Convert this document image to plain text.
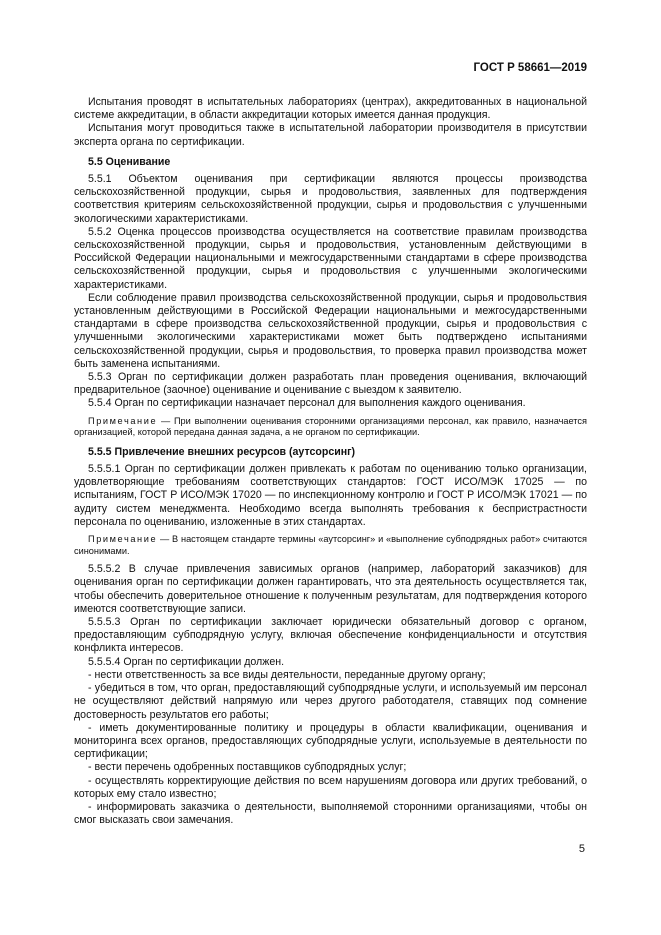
ГОСТ Р 58661—2019

Испытания проводят в испытательных лабораториях (центрах), аккредитованных в национальной системе аккредитации, в области аккредитации которых имеется данная продукция.

Испытания могут проводиться также в испытательной лаборатории производителя в присутствии эксперта органа по сертификации.

5.5 Оценивание

5.5.1 Объектом оценивания при сертификации являются процессы производства сельскохозяйственной продукции, сырья и продовольствия, заявленных для подтверждения соответствия критериям сельскохозяйственной продукции, сырья и продовольствия с улучшенными экологическими характеристиками.

5.5.2 Оценка процессов производства осуществляется на соответствие правилам производства сельскохозяйственной продукции, сырья и продовольствия, установленным действующими в Российской Федерации национальными и межгосударственными стандартами в сфере производства сельскохозяйственной продукции, сырья и продовольствия с улучшенными экологическими характеристиками.

Если соблюдение правил производства сельскохозяйственной продукции, сырья и продовольствия установленным действующими в Российской Федерации национальными и межгосударственными стандартами в сфере производства сельскохозяйственной продукции, сырья и продовольствия с улучшенными экологическими характеристиками может быть подтверждено испытаниями сельскохозяйственной продукции, сырья и продовольствия, то проверка правил производства может быть заменена испытаниями.

5.5.3 Орган по сертификации должен разработать план проведения оценивания, включающий предварительное (заочное) оценивание и оценивание с выездом к заявителю.

5.5.4 Орган по сертификации назначает персонал для выполнения каждого оценивания.

Примечание — При выполнении оценивания сторонними организациями персонал, как правило, назначается организацией, которой передана данная задача, а не органом по сертификации.

5.5.5 Привлечение внешних ресурсов (аутсорсинг)

5.5.5.1 Орган по сертификации должен привлекать к работам по оцениванию только организации, удовлетворяющие требованиям соответствующих стандартов: ГОСТ ИСО/МЭК 17025 — по испытаниям, ГОСТ Р ИСО/МЭК 17020 — по инспекционному контролю и ГОСТ Р ИСО/МЭК 17021 — по аудиту систем менеджмента. Необходимо всегда выполнять требования к беспристрастности персонала по оцениванию, изложенные в этих стандартах.

Примечание — В настоящем стандарте термины «аутсорсинг» и «выполнение субподрядных работ» считаются синонимами.

5.5.5.2 В случае привлечения зависимых органов (например, лабораторий заказчиков) для оценивания орган по сертификации должен гарантировать, что эта деятельность осуществляется так, чтобы обеспечить доверительное отношение к полученным результатам, для подтверждения которого имеются соответствующие записи.

5.5.5.3 Орган по сертификации заключает юридически обязательный договор с органом, предоставляющим субподрядную услугу, включая обеспечение конфиденциальности и отсутствия конфликта интересов.

5.5.5.4 Орган по сертификации должен.

- нести ответственность за все виды деятельности, переданные другому органу;

- убедиться в том, что орган, предоставляющий субподрядные услуги, и используемый им персонал не осуществляют действий напрямую или через другого работодателя, ставящих под сомнение достоверность результатов его работы;

- иметь документированные политику и процедуры в области квалификации, оценивания и мониторинга всех органов, предоставляющих субподрядные услуги, используемые в деятельности по сертификации;

- вести перечень одобренных поставщиков субподрядных услуг;

- осуществлять корректирующие действия по всем нарушениям договора или других требований, о которых ему стало известно;

- информировать заказчика о деятельности, выполняемой сторонними организациями, чтобы он смог высказать свои замечания.

5
